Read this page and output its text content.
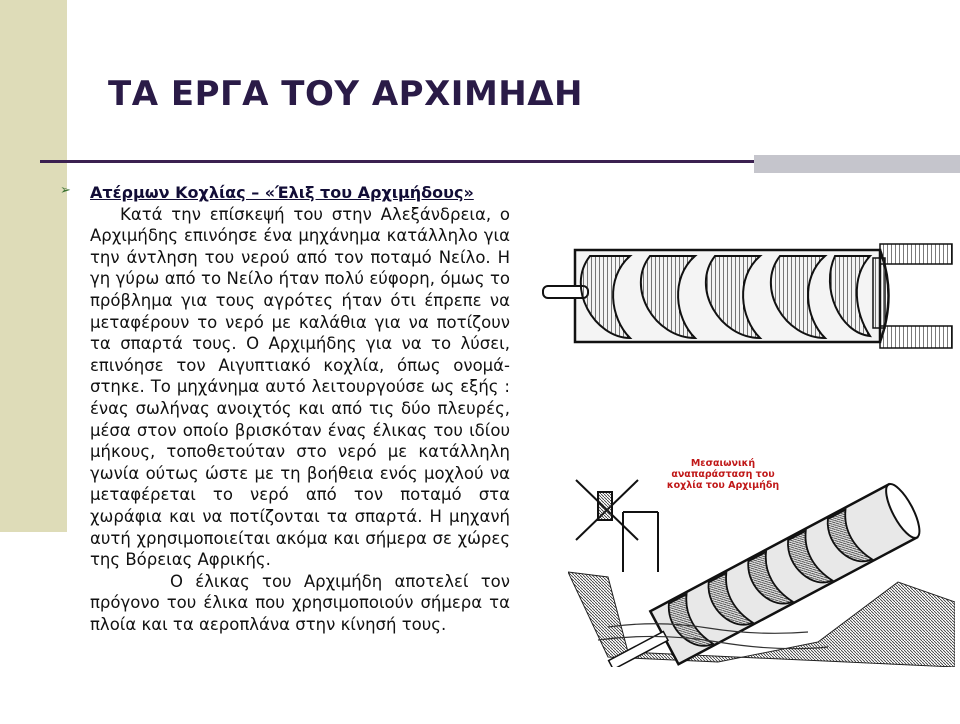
ΤΑ ΕΡΓΑ ΤΟΥ ΑΡΧΙΜΗΔΗ
➢ Ατέρμων Κοχλίας – «Έλιξ του Αρχιμήδους»
Κατά την επίσκεψή του στην Αλεξάνδρεια, ο Αρχιμήδης επινόησε ένα μηχάνημα κατάλληλο για την άντληση του νερού από τον ποταμό Νείλο. Η γη γύρω από το Νείλο ήταν πολύ εύφορη, όμως το πρόβλημα για τους αγρότες ήταν ότι έπρεπε να μεταφέρουν το νερό με καλάθια για να ποτίζουν τα σπαρτά τους. Ο Αρχιμήδης για να το λύσει, επινόησε τον Αιγυπτιακό κοχλία, όπως ονομά- στηκε. Το μηχάνημα αυτό λειτουργούσε ως εξής : ένας σωλήνας ανοιχτός και από τις δύο πλευρές, μέσα στον οποίο βρισκόταν ένας έλικας του ιδίου μήκους, τοποθετούταν στο νερό με κατάλληλη γωνία ούτως ώστε με τη βοήθεια ενός μοχλού να μεταφέρεται το νερό από τον ποταμό στα χωράφια και να ποτίζονται τα σπαρτά. Η μηχανή αυτή χρησιμοποιείται ακόμα και σήμερα σε χώρες της Βόρειας Αφρικής.
Ο έλικας του Αρχιμήδη αποτελεί τον πρόγονο του έλικα που χρησιμοποιούν σήμερα τα πλοία και τα αεροπλάνα στην κίνησή τους.
Μεσαιωνική αναπαράσταση του κοχλία του Αρχιμήδη
